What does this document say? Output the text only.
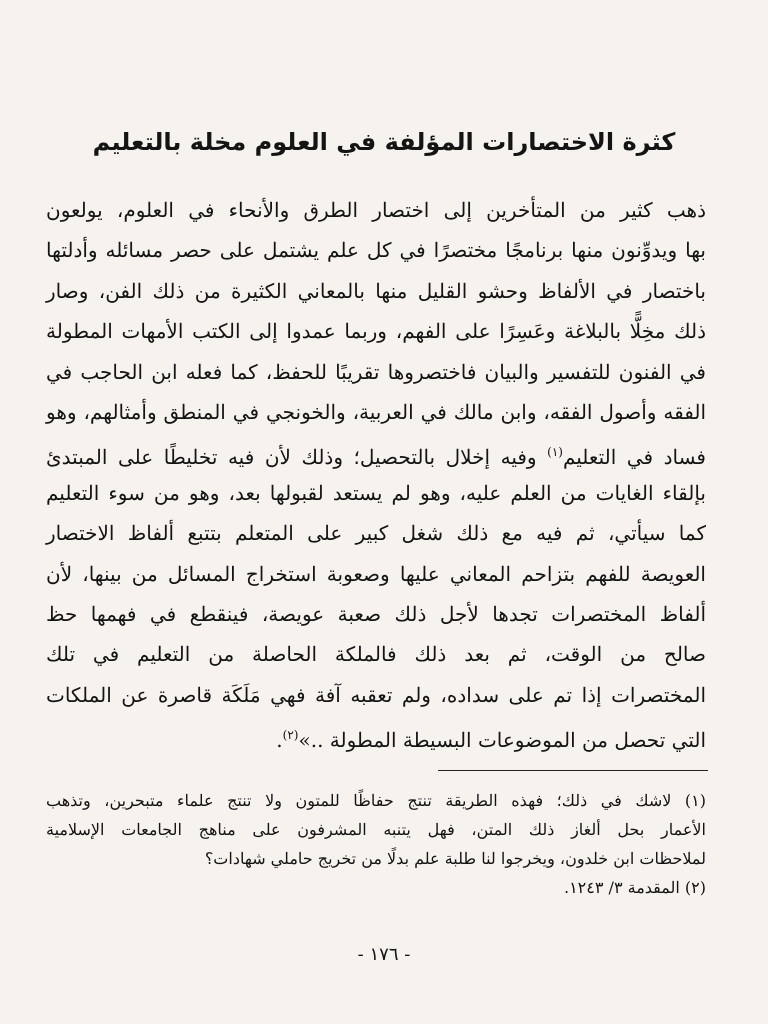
كثرة الاختصارات المؤلفة في العلوم مخلة بالتعليم
ذهب كثير من المتأخرين إلى اختصار الطرق والأنحاء في العلوم، يولعون
بها ويدوِّنون منها برنامجًا مختصرًا في كل علم يشتمل على حصر مسائله وأدلتها
باختصار في الألفاظ وحشو القليل منها بالمعاني الكثيرة من ذلك الفن، وصار
ذلك مخِلًّا بالبلاغة وعَسِرًا على الفهم، وربما عمدوا إلى الكتب الأمهات المطولة
في الفنون للتفسير والبيان فاختصروها تقريبًا للحفظ، كما فعله ابن الحاجب في
الفقه وأصول الفقه، وابن مالك في العربية، والخونجي في المنطق وأمثالهم، وهو
فساد في التعليم$^{(١)}$ وفيه إخلال بالتحصيل؛ وذلك لأن فيه تخليطًا على المبتدئ
بإلقاء الغايات من العلم عليه، وهو لم يستعد لقبولها بعد، وهو من سوء التعليم
كما سيأتي، ثم فيه مع ذلك شغل كبير على المتعلم بتتبع ألفاظ الاختصار
العويصة للفهم بتزاحم المعاني عليها وصعوبة استخراج المسائل من بينها، لأن
ألفاظ المختصرات تجدها لأجل ذلك صعبة عويصة، فينقطع في فهمها حظ
صالح من الوقت، ثم بعد ذلك فالملكة الحاصلة من التعليم في تلك
المختصرات إذا تم على سداده، ولم تعقبه آفة فهي مَلَكَة قاصرة عن الملكات
التي تحصل من الموضوعات البسيطة المطولة ..»$^{(٢)}$.
(١) لاشك في ذلك؛ فهذه الطريقة تنتج حفاظًا للمتون ولا تنتج علماء متبحرين، وتذهب
الأعمار بحل ألغاز ذلك المتن، فهل يتنبه المشرفون على مناهج الجامعات الإسلامية
لملاحظات ابن خلدون، ويخرجوا لنا طلبة علم بدلًا من تخريج حاملي شهادات؟
(٢) المقدمة ٣/ ١٢٤٣.
- ١٧٦ -
